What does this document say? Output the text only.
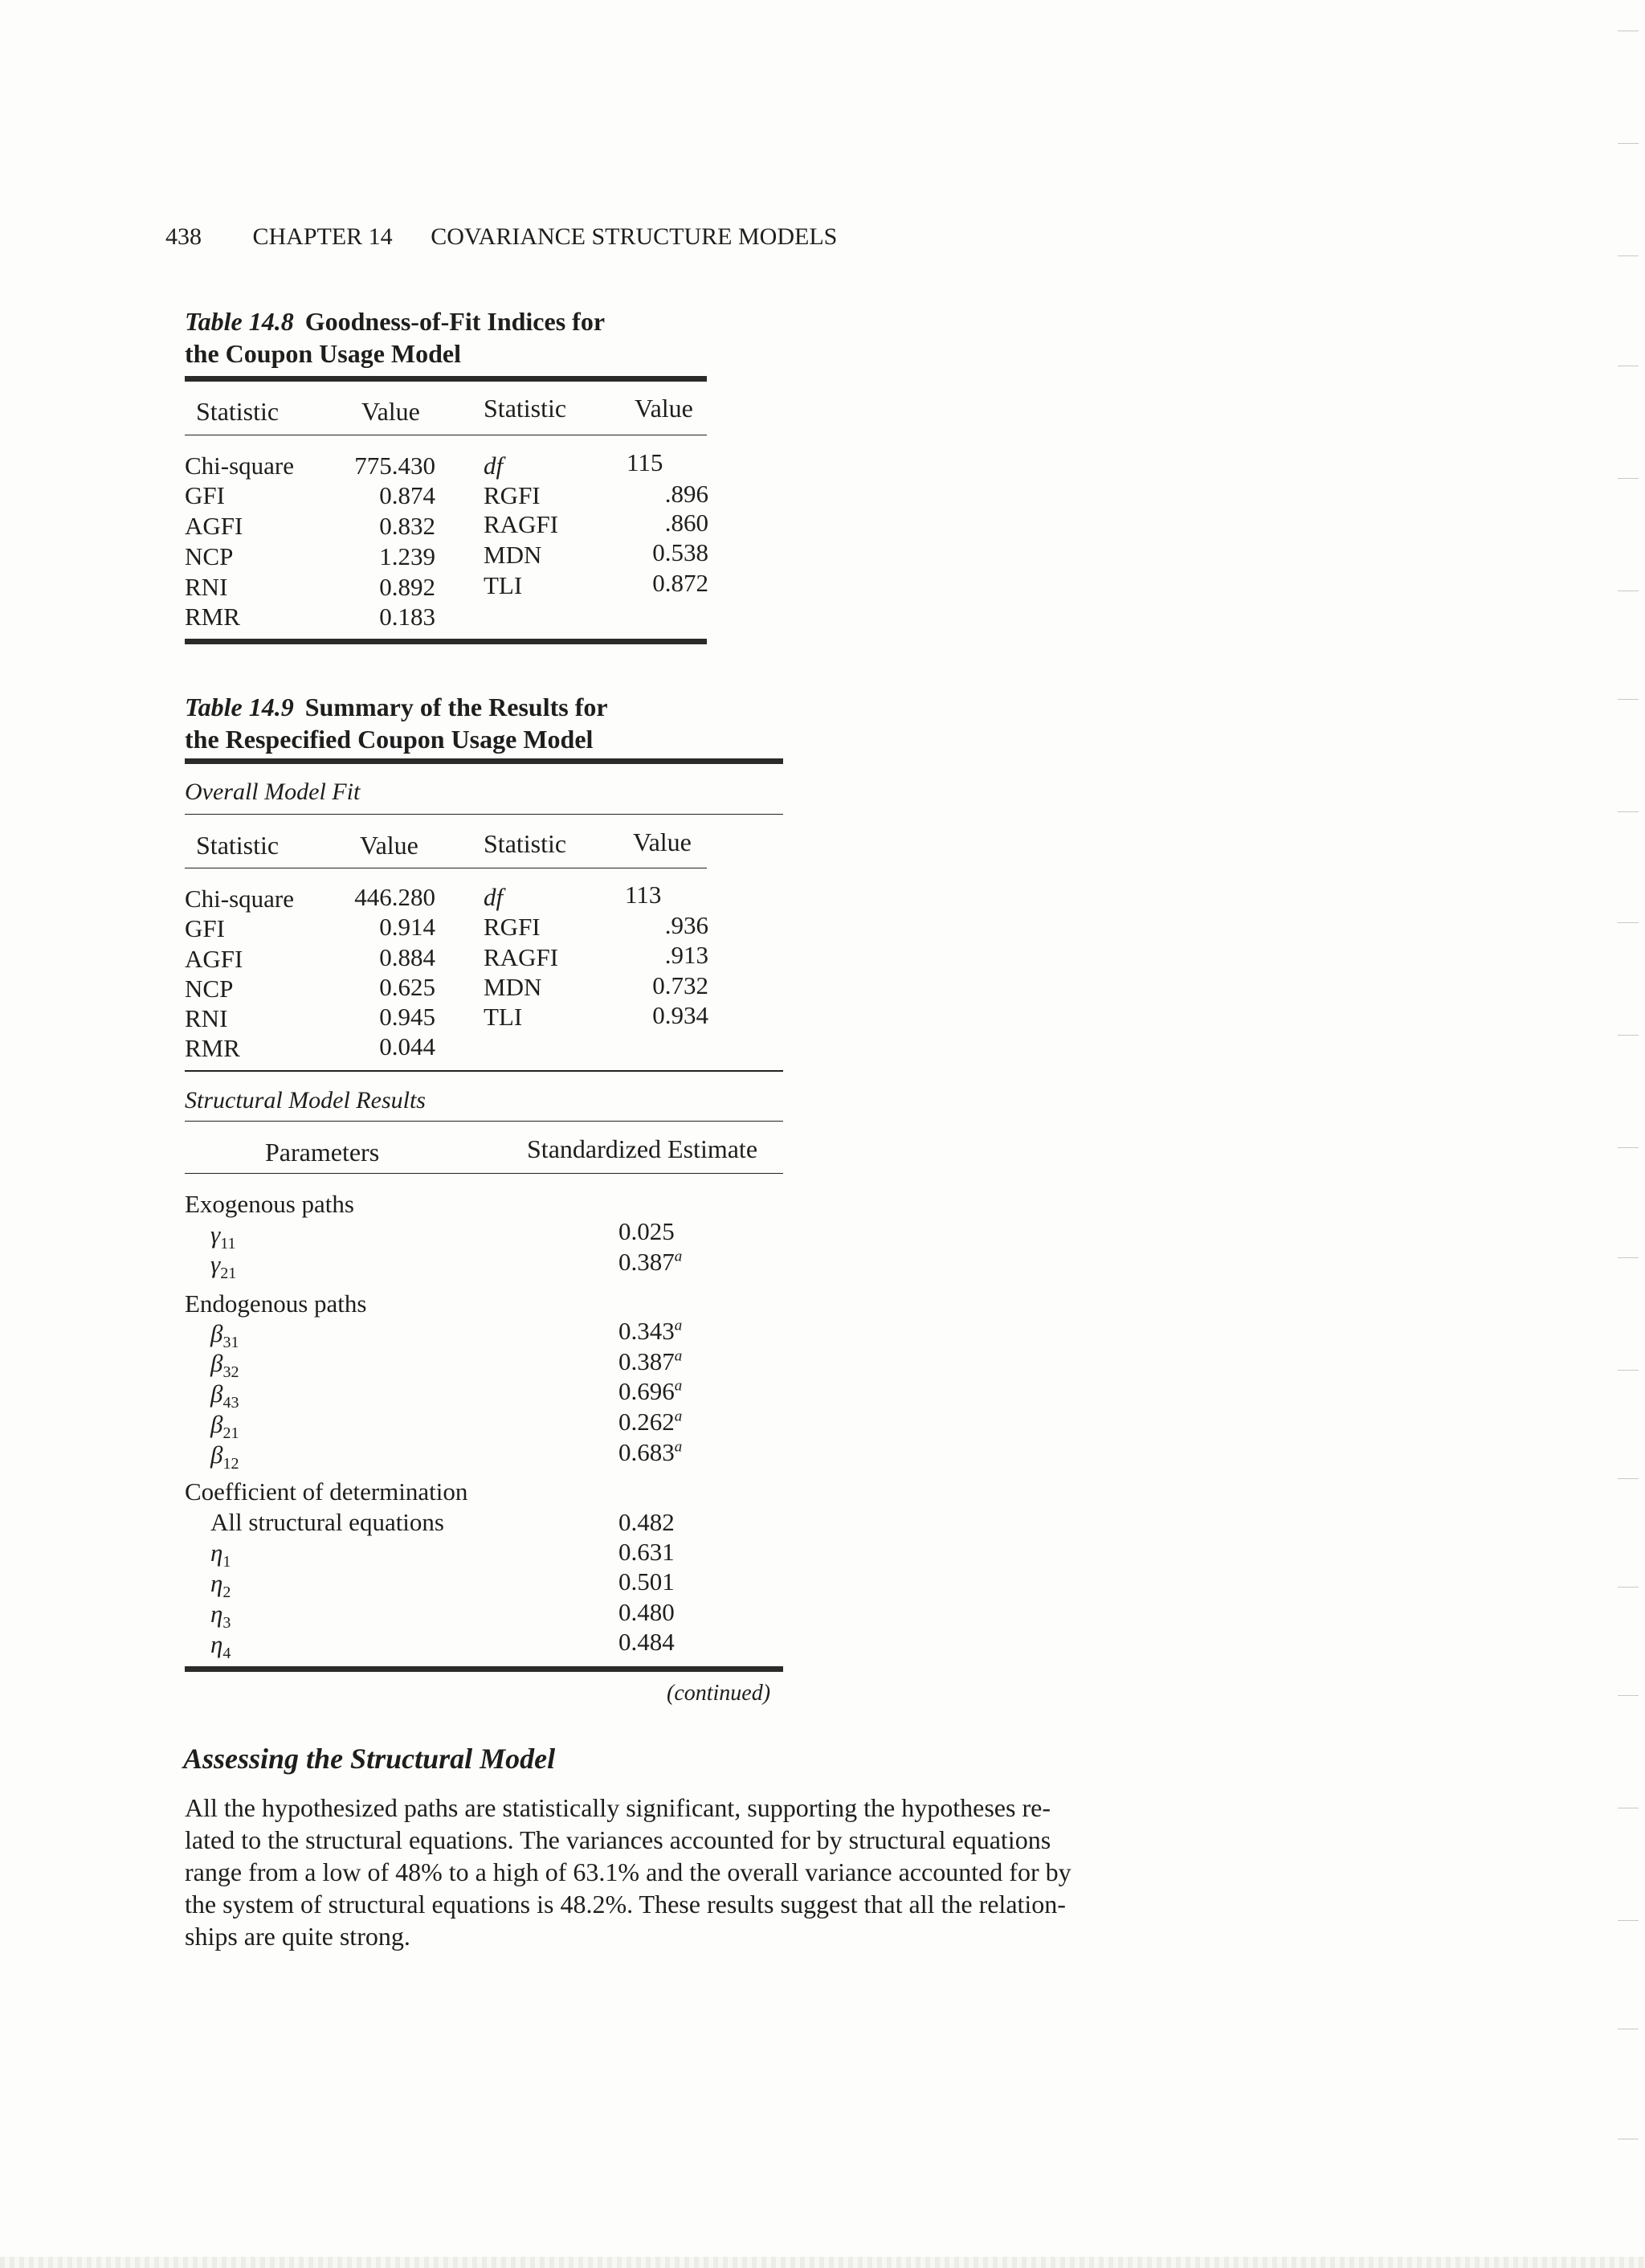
438 CHAPTER 14 COVARIANCE STRUCTURE MODELS
Table 14.8 Goodness-of-Fit Indices for
the Coupon Usage Model
Statistic	Value Statistic	Value
Chi-square	775.430 df	115
GFI	0.874 RGFI	.896
AGFI	0.832 RAGFI	.860
NCP	1.239 MDN	0.538
RNI	0.892 TLI	0.872
RMR	0.183
Table 14.9 Summary of the Results for
the Respecified Coupon Usage Model
Overall Model Fit
Statistic	Value	Statistic	Value
Chi-square	446.280 df	113
GFI	0.914 RGFI	.936
AGFI	0.884 RAGFI	.913
NCP	0.625 MDN	0.732
RNI	0.945 TLI	0.934
RMR	0.044
Structural Model Results
Parameters	Standardized Estimate
Exogenous paths
$\gamma_{11}$	0.025
$\gamma_{21}$	0.387$^a$
Endogenous paths
$\beta_{31}$	0.343$^a$
$\beta_{32}$	0.387$^a$
$\beta_{43}$	0.696$^a$
$\beta_{21}$	0.262$^a$
$\beta_{12}$	0.683$^a$
Coefficient of determination
All structural equations	0.482
$\eta_1$	0.631
$\eta_2$	0.501
$\eta_3$	0.480
$\eta_4$	0.484
(continued)
Assessing the Structural Model
All the hypothesized paths are statistically significant, supporting the hypotheses re-
lated to the structural equations. The variances accounted for by structural equations
range from a low of 48% to a high of 63.1% and the overall variance accounted for by
the system of structural equations is 48.2%. These results suggest that all the relation-
ships are quite strong.
